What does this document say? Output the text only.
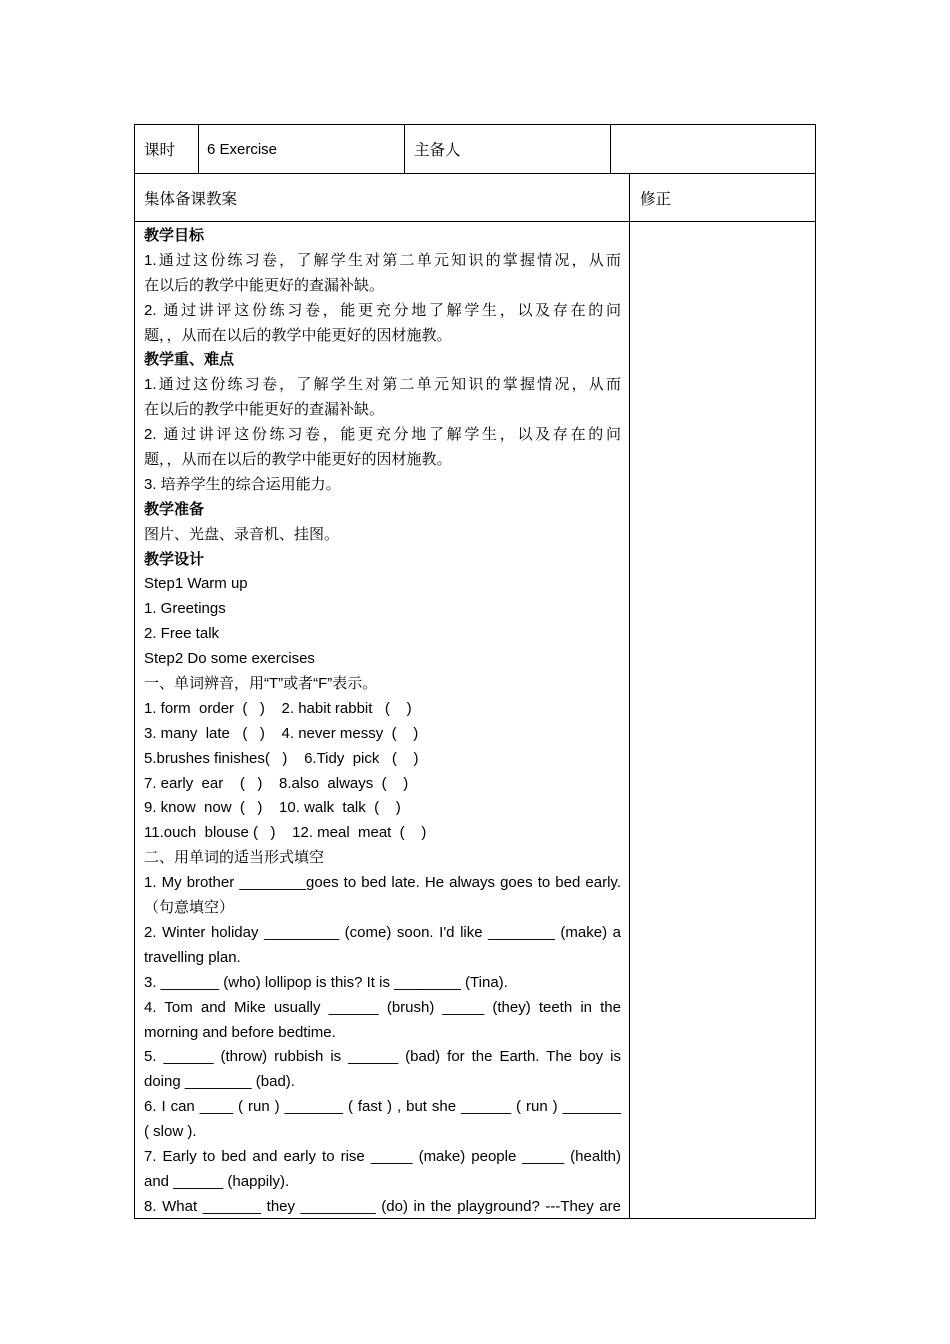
课时 6 Exercise	主备人
集体备课教案	修正
教学目标
1.通过这份练习卷，了解学生对第二单元知识的掌握情况，从而
在以后的教学中能更好的查漏补缺。
2. 通过讲评这份练习卷，能更充分地了解学生，以及存在的问
题，，从而在以后的教学中能更好的因材施教。
教学重、难点
1.通过这份练习卷，了解学生对第二单元知识的掌握情况，从而
在以后的教学中能更好的查漏补缺。
2. 通过讲评这份练习卷，能更充分地了解学生，以及存在的问
题，，从而在以后的教学中能更好的因材施教。
3. 培养学生的综合运用能力。
教学准备
图片、光盘、录音机、挂图。
教学设计
Step1 Warm up
1. Greetings
2. Free talk
Step2 Do some exercises
一、单词辨音，用“T”或者“F”表示。
1. form  order  (   )    2. habit rabbit   (    )
3. many  late   (   )    4. never messy  (    )
5.brushes finishes(   )    6.Tidy  pick   (    )
7. early  ear    (   )    8.also  always  (    )
9. know  now  (   )    10. walk  talk  (    )
11.ouch  blouse (   )    12. meal  meat  (    )
二、用单词的适当形式填空
1. My brother ________goes to bed late. He always goes to bed early.
（句意填空）
2. Winter holiday _________ (come) soon. I'd like ________ (make) a
travelling plan.
3. _______ (who) lollipop is this? It is ________ (Tina).
4. Tom and Mike usually ______ (brush) _____ (they) teeth in the
morning and before bedtime.
5. ______ (throw) rubbish is ______ (bad) for the Earth. The boy is
doing ________ (bad).
6. I can ____ ( run ) _______ ( fast ) , but she ______ ( run ) _______
( slow ).
7. Early to bed and early to rise _____ (make) people _____ (health)
and ______ (happily).
8. What _______ they _________ (do) in the playground? ---They are
